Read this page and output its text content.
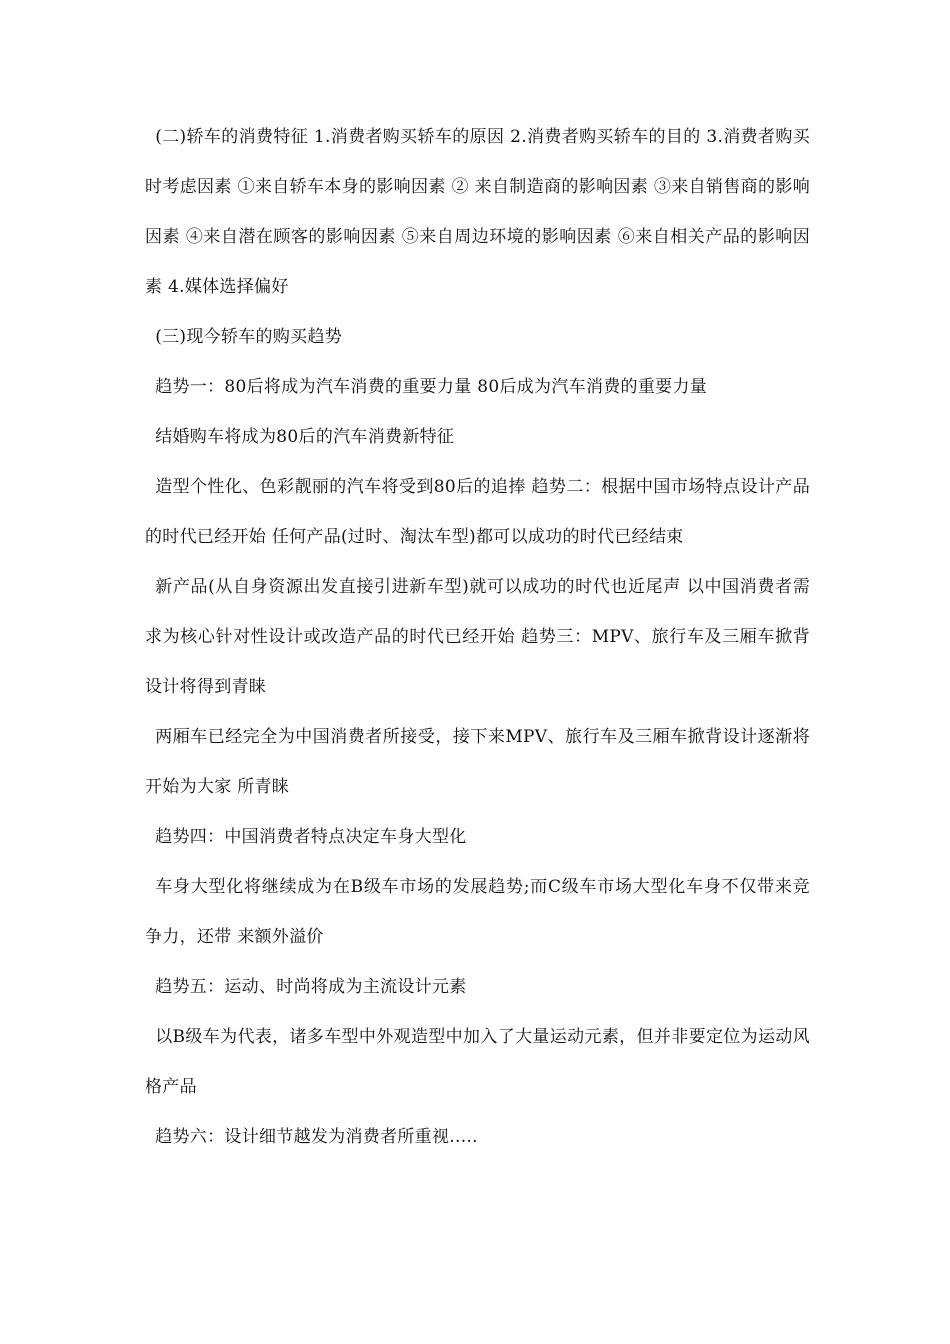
(二)轿车的消费特征 1.消费者购买轿车的原因 2.消费者购买轿车的目的 3.消费者购买时考虑因素 ①来自轿车本身的影响因素 ② 来自制造商的影响因素 ③来自销售商的影响因素 ④来自潜在顾客的影响因素 ⑤来自周边环境的影响因素 ⑥来自相关产品的影响因素 4.媒体选择偏好

(三)现今轿车的购买趋势

趋势一：80后将成为汽车消费的重要力量 80后成为汽车消费的重要力量

结婚购车将成为80后的汽车消费新特征

造型个性化、色彩靓丽的汽车将受到80后的追捧 趋势二：根据中国市场特点设计产品的时代已经开始 任何产品(过时、淘汰车型)都可以成功的时代已经结束

新产品(从自身资源出发直接引进新车型)就可以成功的时代也近尾声 以中国消费者需求为核心针对性设计或改造产品的时代已经开始 趋势三：MPV、旅行车及三厢车掀背设计将得到青睐

两厢车已经完全为中国消费者所接受，接下来MPV、旅行车及三厢车掀背设计逐渐将开始为大家 所青睐

趋势四：中国消费者特点决定车身大型化

车身大型化将继续成为在B级车市场的发展趋势;而C级车市场大型化车身不仅带来竞争力，还带 来额外溢价

趋势五：运动、时尚将成为主流设计元素

以B级车为代表，诸多车型中外观造型中加入了大量运动元素，但并非要定位为运动风格产品

趋势六：设计细节越发为消费者所重视.....
